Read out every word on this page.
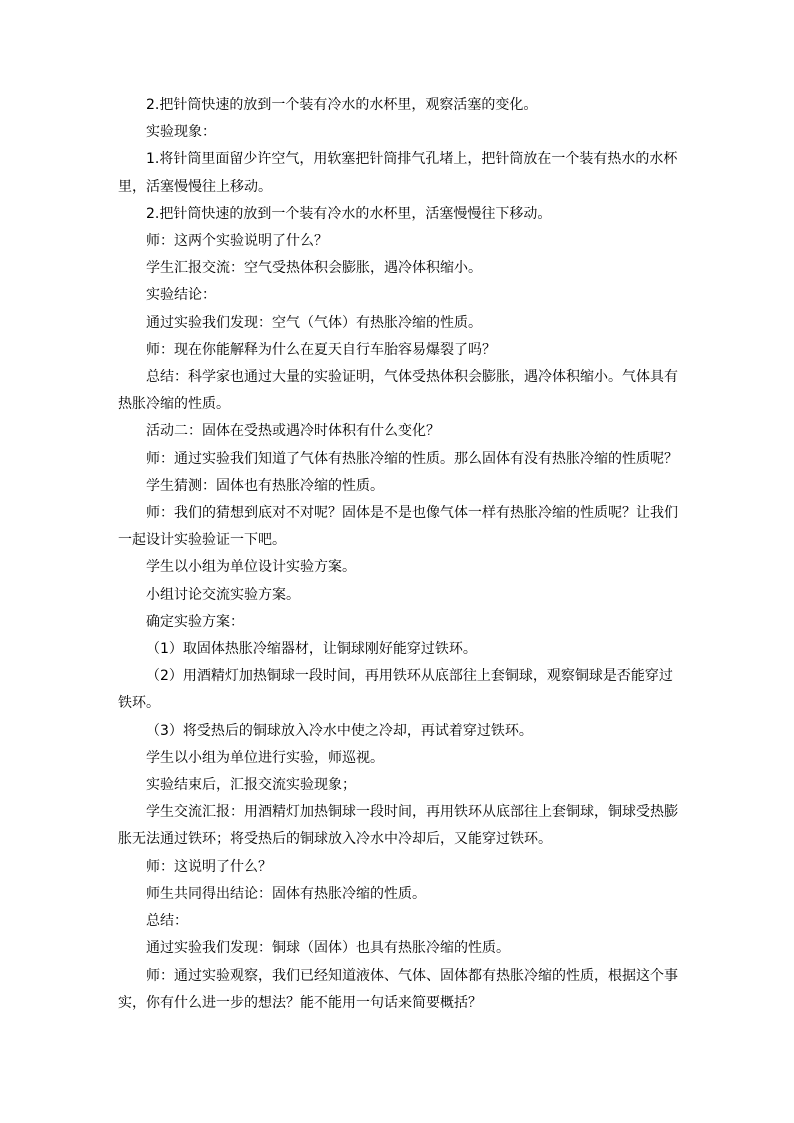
2.把针筒快速的放到一个装有冷水的水杯里，观察活塞的变化。

实验现象：

1.将针筒里面留少许空气，用软塞把针筒排气孔堵上，把针筒放在一个装有热水的水杯里，活塞慢慢往上移动。

2.把针筒快速的放到一个装有冷水的水杯里，活塞慢慢往下移动。

师：这两个实验说明了什么？

学生汇报交流：空气受热体积会膨胀，遇冷体积缩小。

实验结论：

通过实验我们发现：空气（气体）有热胀冷缩的性质。

师：现在你能解释为什么在夏天自行车胎容易爆裂了吗？

总结：科学家也通过大量的实验证明，气体受热体积会膨胀，遇冷体积缩小。气体具有热胀冷缩的性质。

活动二：固体在受热或遇冷时体积有什么变化？

师：通过实验我们知道了气体有热胀冷缩的性质。那么固体有没有热胀冷缩的性质呢？

学生猜测：固体也有热胀冷缩的性质。

师：我们的猜想到底对不对呢？固体是不是也像气体一样有热胀冷缩的性质呢？让我们一起设计实验验证一下吧。

学生以小组为单位设计实验方案。

小组讨论交流实验方案。

确定实验方案：

（1）取固体热胀冷缩器材，让铜球刚好能穿过铁环。

（2）用酒精灯加热铜球一段时间，再用铁环从底部往上套铜球，观察铜球是否能穿过铁环。

（3）将受热后的铜球放入冷水中使之冷却，再试着穿过铁环。

学生以小组为单位进行实验，师巡视。

实验结束后，汇报交流实验现象；

学生交流汇报：用酒精灯加热铜球一段时间，再用铁环从底部往上套铜球，铜球受热膨胀无法通过铁环；将受热后的铜球放入冷水中冷却后，又能穿过铁环。

师：这说明了什么？

师生共同得出结论：固体有热胀冷缩的性质。

总结：

通过实验我们发现：铜球（固体）也具有热胀冷缩的性质。

师：通过实验观察，我们已经知道液体、气体、固体都有热胀冷缩的性质，根据这个事实，你有什么进一步的想法？能不能用一句话来简要概括？
